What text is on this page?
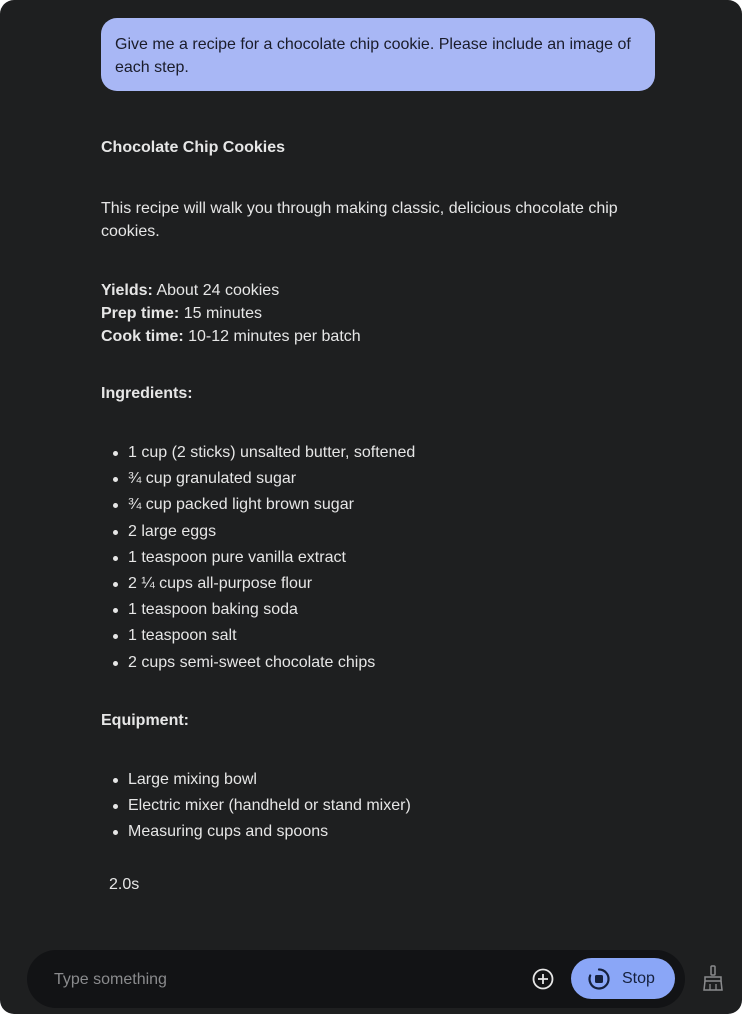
Give me a recipe for a chocolate chip cookie. Please include an image of each step.
Chocolate Chip Cookies
This recipe will walk you through making classic, delicious chocolate chip cookies.
Yields: About 24 cookies
Prep time: 15 minutes
Cook time: 10-12 minutes per batch
Ingredients:
1 cup (2 sticks) unsalted butter, softened
¾ cup granulated sugar
¾ cup packed light brown sugar
2 large eggs
1 teaspoon pure vanilla extract
2 ¼ cups all-purpose flour
1 teaspoon baking soda
1 teaspoon salt
2 cups semi-sweet chocolate chips
Equipment:
Large mixing bowl
Electric mixer (handheld or stand mixer)
Measuring cups and spoons
2.0s
Type something
Stop
